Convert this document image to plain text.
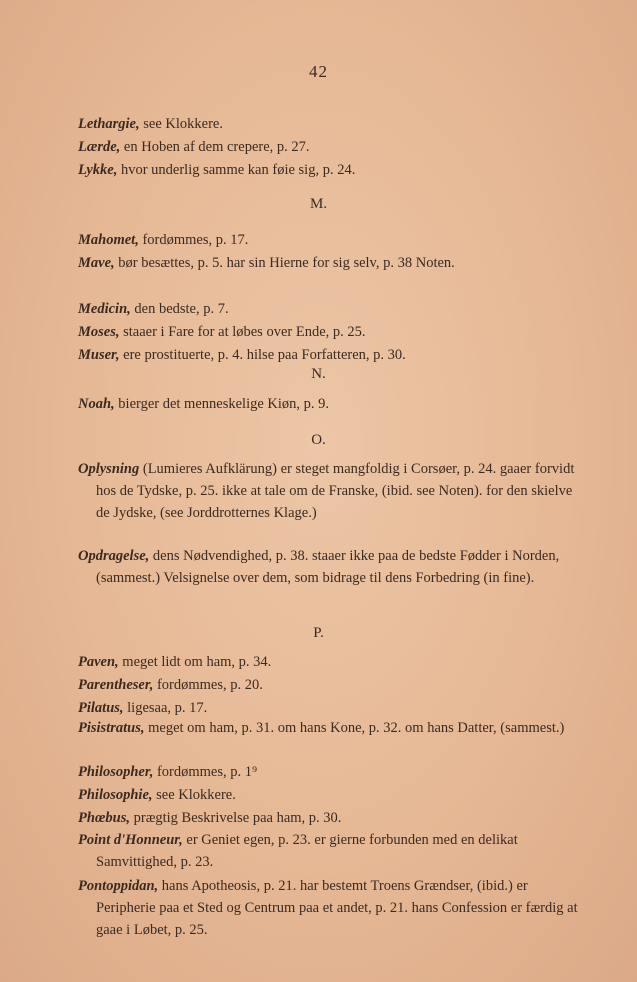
42
Lethargie, see Klokkere.
Lærde, en Hoben af dem crepere, p. 27.
Lykke, hvor underlig samme kan føie sig, p. 24.
M.
Mahomet, fordømmes, p. 17.
Mave, bør besættes, p. 5. har sin Hierne for sig selv, p. 38 Noten.
Medicin, den bedste, p. 7.
Moses, staaer i Fare for at løbes over Ende, p. 25.
Muser, ere prostituerte, p. 4. hilse paa Forfatteren, p. 30.
N.
Noah, bierger det menneskelige Kiøn, p. 9.
O.
Oplysning (Lumieres Aufklärung) er steget mangfoldig i Corsøer, p. 24. gaaer forvidt hos de Tydske, p. 25. ikke at tale om de Franske, (ibid. see Noten). for den skielve de Jydske, (see Jorddrotternes Klage.)
Opdragelse, dens Nødvendighed, p. 38. staaer ikke paa de bedste Fødder i Norden, (sammest.) Velsignelse over dem, som bidrage til dens Forbedring (in fine).
P.
Paven, meget lidt om ham, p. 34.
Parentheser, fordømmes, p. 20.
Pilatus, ligesaa, p. 17.
Pisistratus, meget om ham, p. 31. om hans Kone, p. 32. om hans Datter, (sammest.)
Philosopher, fordømmes, p. 1⁹
Philosophie, see Klokkere.
Phœbus, prægtig Beskrivelse paa ham, p. 30.
Point d'Honneur, er Geniet egen, p. 23. er gierne forbunden med en delikat Samvittighed, p. 23.
Pontoppidan, hans Apotheosis, p. 21. har bestemt Troens Grændser, (ibid.) er Peripherie paa et Sted og Centrum paa et andet, p. 21. hans Confession er færdig at gaae i Løbet, p. 25.
